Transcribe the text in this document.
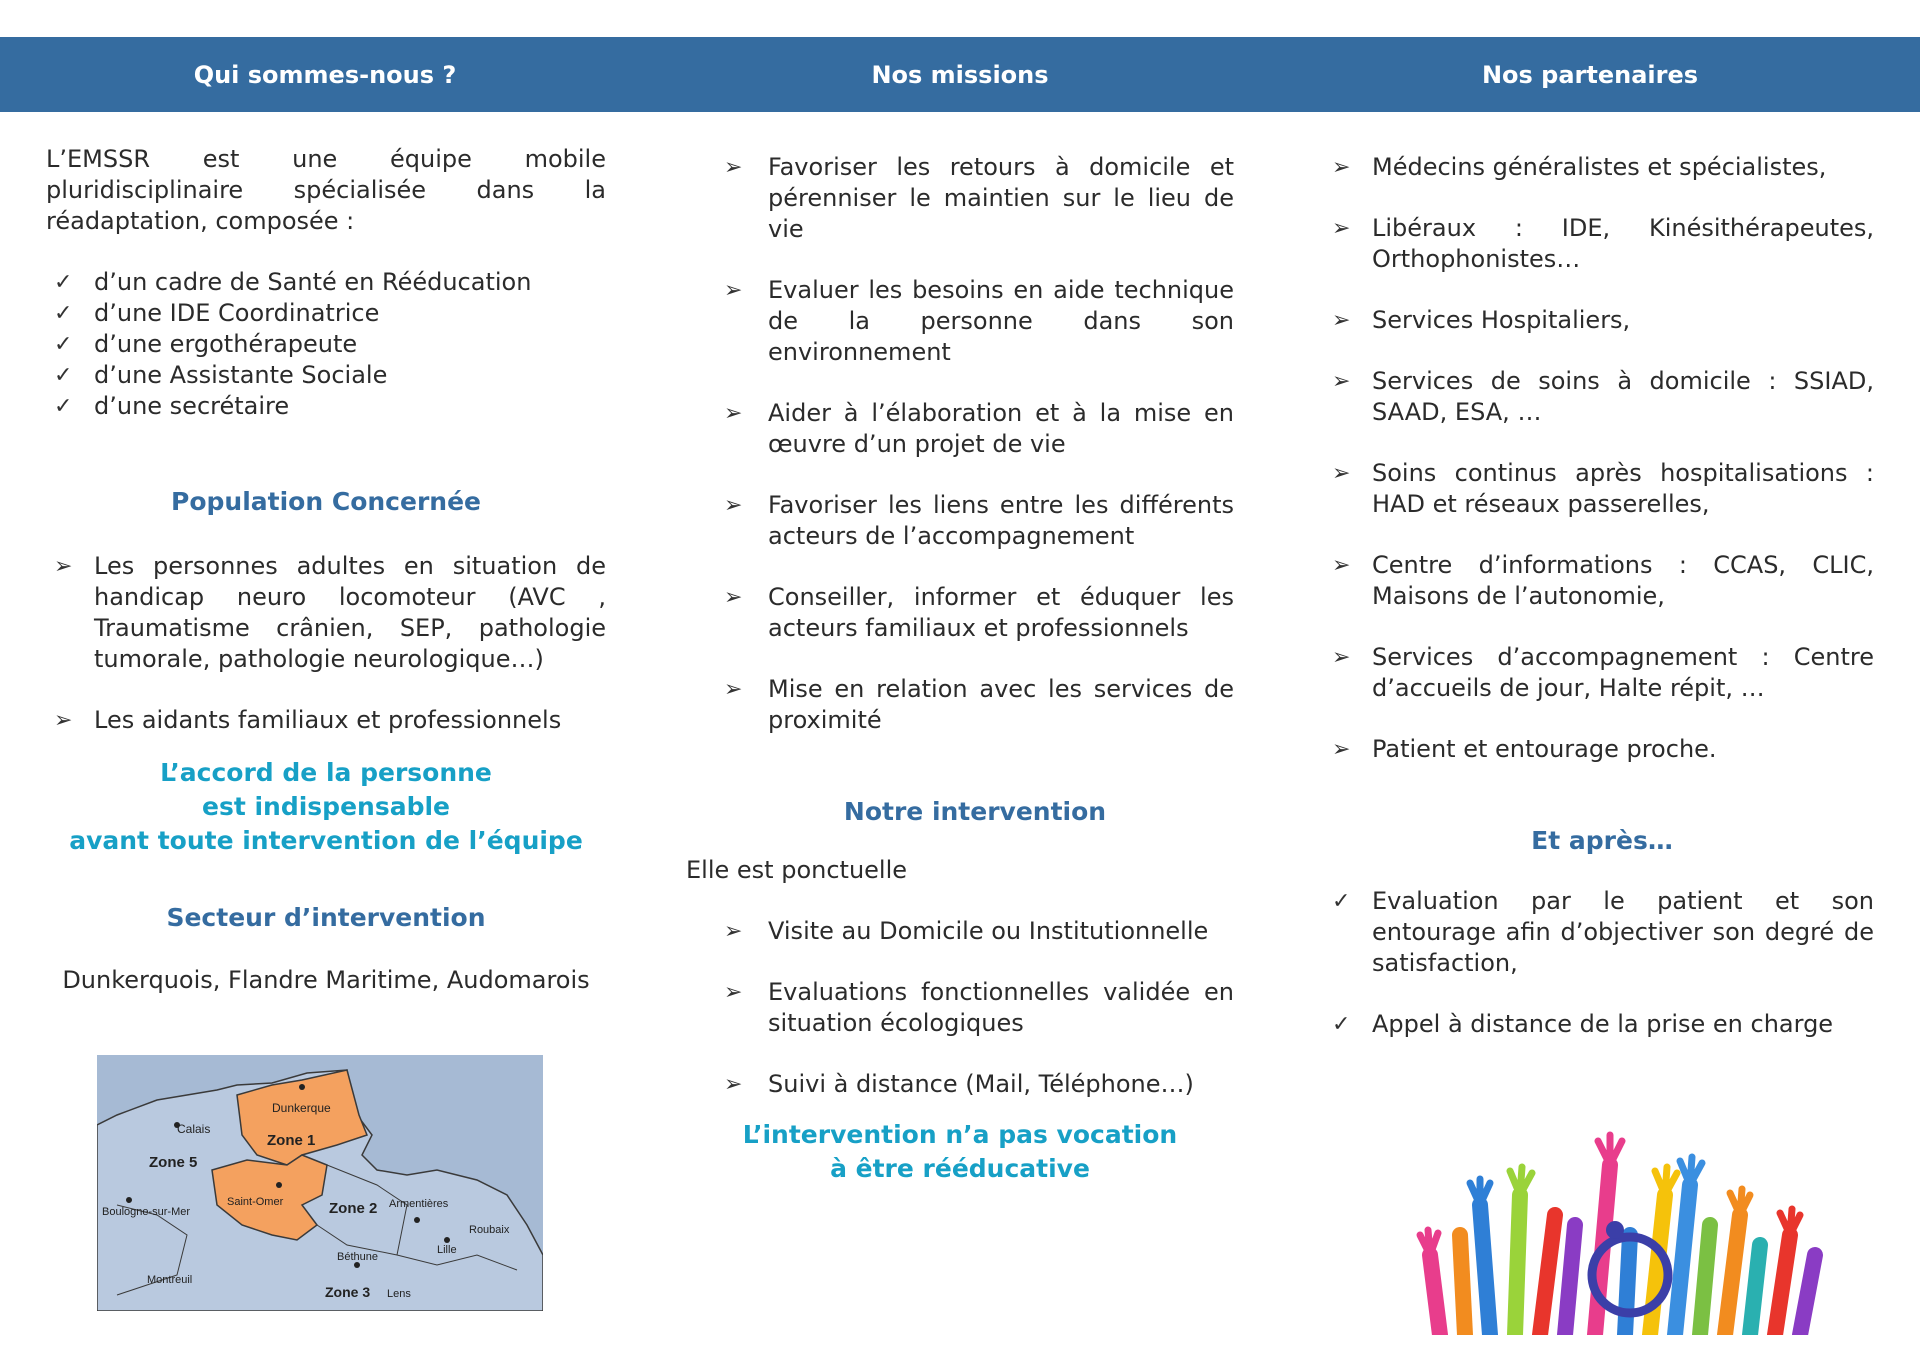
Qui sommes-nous ?	Nos missions	Nos partenaires

L’EMSSR est une équipe mobile pluridisciplinaire spécialisée dans la réadaptation, composée :

✓ d’un cadre de Santé en Rééducation
✓ d’une IDE Coordinatrice
✓ d’une ergothérapeute
✓ d’une Assistante Sociale
✓ d’une secrétaire
Population Concernée
➢ Les personnes adultes en situation de handicap neuro locomoteur (AVC , Traumatisme crânien, SEP, pathologie tumorale, pathologie neurologique…)
➢ Les aidants familiaux et professionnels
L’accord de la personne
est indispensable
avant toute intervention de l’équipe
Secteur d’intervention
Dunkerquois, Flandre Maritime, Audomarois
Dunkerque
Calais
Zone 1
Zone 5
Saint-Omer
Boulogne-sur-Mer	Zone 2 Armentières
Roubaix
Lille
Béthune
Montreuil
Zone 3 Lens
➢ Favoriser les retours à domicile et pérenniser le maintien sur le lieu de vie
➢ Evaluer les besoins en aide technique de la personne dans son environnement
➢ Aider à l’élaboration et à la mise en œuvre d’un projet de vie
➢ Favoriser les liens entre les différents acteurs de l’accompagnement
➢ Conseiller, informer et éduquer les acteurs familiaux et professionnels
➢ Mise en relation avec les services de proximité
Notre intervention
Elle est ponctuelle
➢ Visite au Domicile ou Institutionnelle
➢ Evaluations fonctionnelles validée en situation écologiques
➢ Suivi à distance (Mail, Téléphone…)
L’intervention n’a pas vocation
à être rééducative
➢ Médecins généralistes et spécialistes,
➢ Libéraux : IDE, Kinésithérapeutes, Orthophonistes…
➢ Services Hospitaliers,
➢ Services de soins à domicile : SSIAD, SAAD, ESA, …
➢ Soins continus après hospitalisations : HAD et réseaux passerelles,
➢ Centre d’informations : CCAS, CLIC, Maisons de l’autonomie,
➢ Services d’accompagnement : Centre d’accueils de jour, Halte répit, …
➢ Patient et entourage proche.
Et après…
✓ Evaluation par le patient et son entourage afin d’objectiver son degré de satisfaction,
✓ Appel à distance de la prise en charge
